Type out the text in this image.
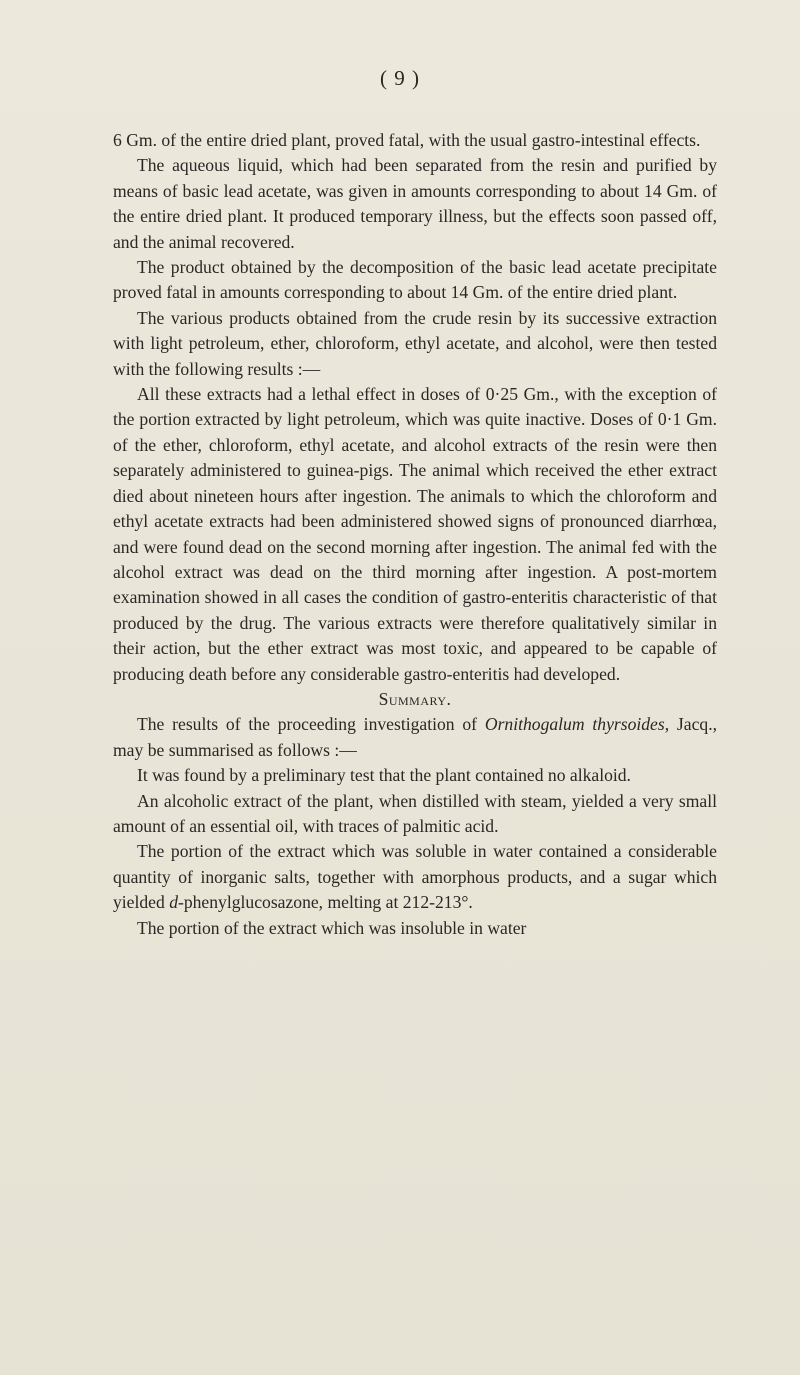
( 9 )

6 Gm. of the entire dried plant, proved fatal, with the usual gastro-intestinal effects.

The aqueous liquid, which had been separated from the resin and purified by means of basic lead acetate, was given in amounts corresponding to about 14 Gm. of the entire dried plant. It produced temporary illness, but the effects soon passed off, and the animal recovered.

The product obtained by the decomposition of the basic lead acetate precipitate proved fatal in amounts corresponding to about 14 Gm. of the entire dried plant.

The various products obtained from the crude resin by its successive extraction with light petroleum, ether, chloroform, ethyl acetate, and alcohol, were then tested with the following results :—

All these extracts had a lethal effect in doses of 0·25 Gm., with the exception of the portion extracted by light petroleum, which was quite inactive. Doses of 0·1 Gm. of the ether, chloroform, ethyl acetate, and alcohol extracts of the resin were then separately administered to guinea-pigs. The animal which received the ether extract died about nineteen hours after ingestion. The animals to which the chloroform and ethyl acetate extracts had been administered showed signs of pronounced diarrhœa, and were found dead on the second morning after ingestion. The animal fed with the alcohol extract was dead on the third morning after ingestion. A post-mortem examination showed in all cases the condition of gastro-enteritis characteristic of that produced by the drug. The various extracts were therefore qualitatively similar in their action, but the ether extract was most toxic, and appeared to be capable of producing death before any considerable gastro-enteritis had developed.

Summary.

The results of the proceeding investigation of Ornithogalum thyrsoides, Jacq., may be summarised as follows :—

It was found by a preliminary test that the plant contained no alkaloid.

An alcoholic extract of the plant, when distilled with steam, yielded a very small amount of an essential oil, with traces of palmitic acid.

The portion of the extract which was soluble in water contained a considerable quantity of inorganic salts, together with amorphous products, and a sugar which yielded d-phenylglucosazone, melting at 212-213°.

The portion of the extract which was insoluble in water
